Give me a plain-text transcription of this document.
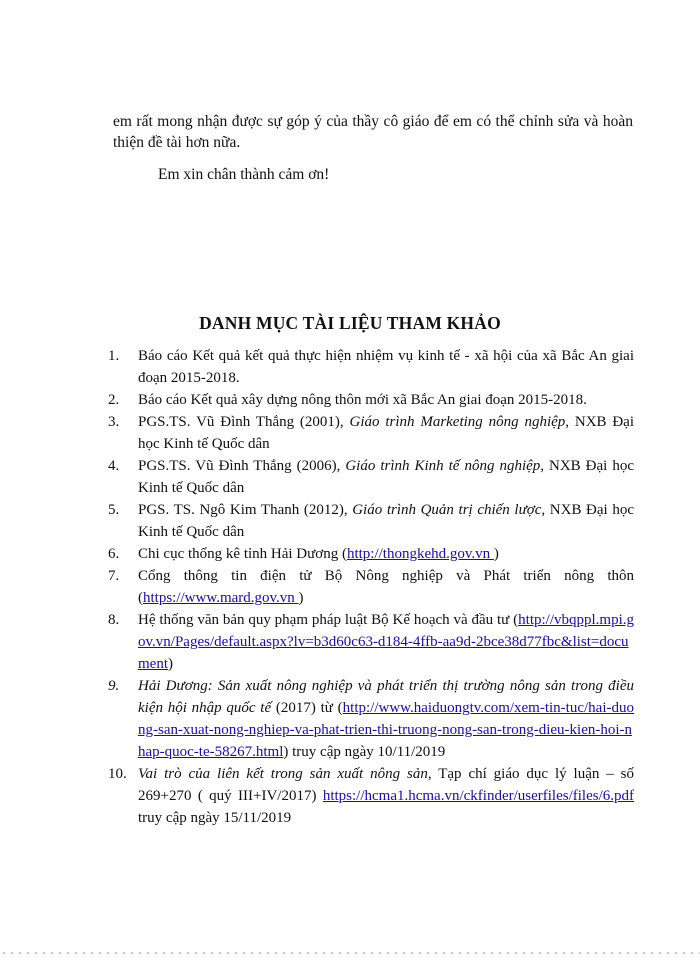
em rất mong nhận được sự góp ý của thầy cô giáo để em có thể chỉnh sửa và hoàn
thiện đề tài hơn nữa.
Em xin chân thành cảm ơn!
DANH MỤC TÀI LIỆU THAM KHẢO
1.	Báo cáo Kết quả kết quả thực hiện nhiệm vụ kinh tế - xã hội của xã Bắc An giai đoạn 2015-2018.
2.	Báo cáo Kết quả xây dựng nông thôn mới xã Bắc An giai đoạn 2015-2018.
3.	PGS.TS. Vũ Đình Thắng (2001), Giáo trình Marketing nông nghiệp, NXB Đại học Kinh tế Quốc dân
4.	PGS.TS. Vũ Đình Thắng (2006), Giáo trình Kinh tế nông nghiệp, NXB Đại học Kinh tế Quốc dân
5.	PGS. TS. Ngô Kim Thanh (2012), Giáo trình Quản trị chiến lược, NXB Đại học Kinh tế Quốc dân
6.	Chi cục thống kê tỉnh Hải Dương (http://thongkehd.gov.vn )
7.	Cổng thông tin điện tử Bộ Nông nghiệp và Phát triển nông thôn (https://www.mard.gov.vn )
8.	Hệ thống văn bản quy phạm pháp luật Bộ Kế hoạch và đầu tư (http://vbqppl.mpi.gov.vn/Pages/default.aspx?lv=b3d60c63-d184-4ffb-aa9d-2bce38d77fbc&list=document)
9.	Hải Dương: Sản xuất nông nghiệp và phát triển thị trường nông sản trong điều kiện hội nhập quốc tế (2017) từ (http://www.haiduongtv.com/xem-tin-tuc/hai-duong-san-xuat-nong-nghiep-va-phat-trien-thi-truong-nong-san-trong-dieu-kien-hoi-nhap-quoc-te-58267.html) truy cập ngày 10/11/2019
10. Vai trò của liên kết trong sản xuất nông sản, Tạp chí giáo dục lý luận – số 269+270 ( quý III+IV/2017) https://hcma1.hcma.vn/ckfinder/userfiles/files/6.pdf truy cập ngày 15/11/2019
